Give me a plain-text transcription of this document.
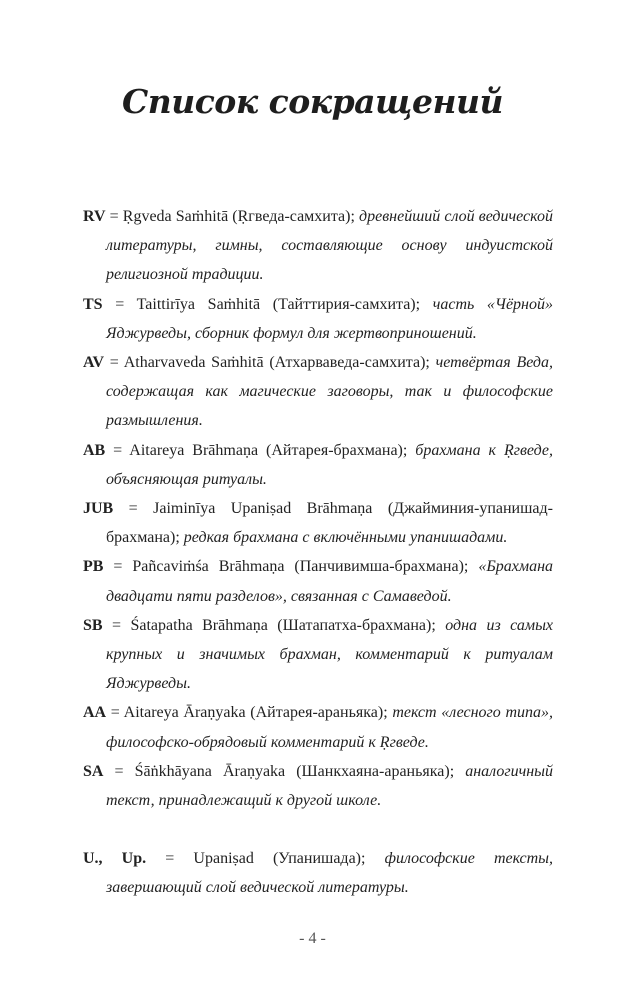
Список сокращений

RV = Ṛgveda Saṁhitā (Ṛгведа-самхита); древнейший слой ведической литературы, гимны, составляющие основу индуистской религиозной традиции.

TS = Taittirīya Saṁhitā (Тайттирия-самхита); часть «Чёрной» Яджурведы, сборник формул для жертвоприношений.

AV = Atharvaveda Saṁhitā (Атхарваведа-самхита); четвёртая Веда, содержащая как магические заговоры, так и философские размышления.

AB = Aitareya Brāhmaṇa (Айтарея-брахмана); брахмана к Ṛгведе, объясняющая ритуалы.

JUB = Jaiminīya Upaniṣad Brāhmaṇa (Джайминия-упанишад-брахмана); редкая брахмана с включёнными упанишадами.

PB = Pañcaviṁśa Brāhmaṇa (Панчивимша-брахмана); «Брахмана двадцати пяти разделов», связанная с Самаведой.

SB = Śatapatha Brāhmaṇa (Шатапатха-брахмана); одна из самых крупных и значимых брахман, комментарий к ритуалам Яджурведы.

AA = Aitareya Āraṇyaka (Айтарея-араньяка); текст «лесного типа», философско-обрядовый комментарий к Ṛгведе.

SA = Śāṅkhāyana Āraṇyaka (Шанкхаяна-араньяка); аналогичный текст, принадлежащий к другой школе.

U., Up. = Upaniṣad (Упанишада); философские тексты, завершающий слой ведической литературы.

- 4 -
